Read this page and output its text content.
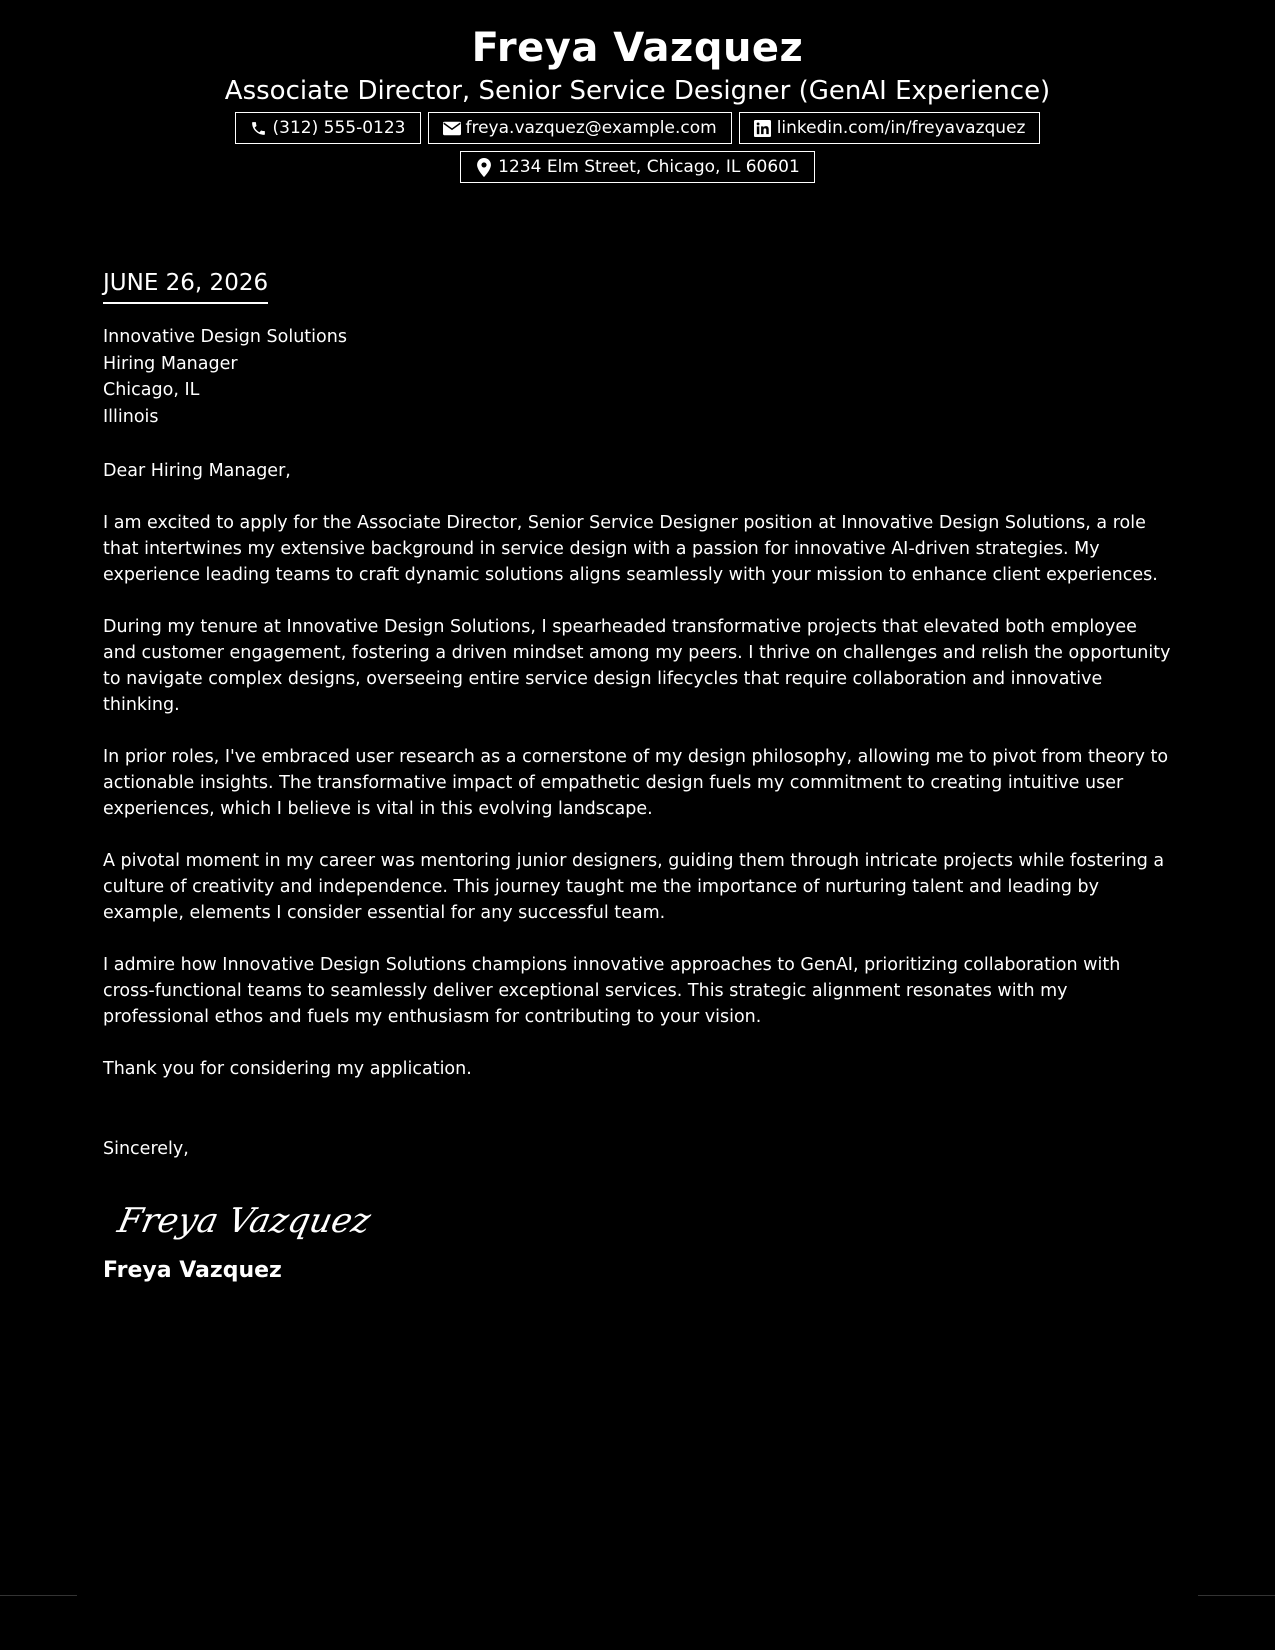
Freya Vazquez
Associate Director, Senior Service Designer (GenAI Experience)
(312) 555-0123	freya.vazquez@example.com	linkedin.com/in/freyavazquez
1234 Elm Street, Chicago, IL 60601
JUNE 26, 2026
Innovative Design Solutions
Hiring Manager
Chicago, IL
Illinois
Dear Hiring Manager,
I am excited to apply for the Associate Director, Senior Service Designer position at Innovative Design Solutions, a role that intertwines my extensive background in service design with a passion for innovative AI-driven strategies. My experience leading teams to craft dynamic solutions aligns seamlessly with your mission to enhance client experiences.
During my tenure at Innovative Design Solutions, I spearheaded transformative projects that elevated both employee and customer engagement, fostering a driven mindset among my peers. I thrive on challenges and relish the opportunity to navigate complex designs, overseeing entire service design lifecycles that require collaboration and innovative thinking.
In prior roles, I've embraced user research as a cornerstone of my design philosophy, allowing me to pivot from theory to actionable insights. The transformative impact of empathetic design fuels my commitment to creating intuitive user experiences, which I believe is vital in this evolving landscape.
A pivotal moment in my career was mentoring junior designers, guiding them through intricate projects while fostering a culture of creativity and independence. This journey taught me the importance of nurturing talent and leading by example, elements I consider essential for any successful team.
I admire how Innovative Design Solutions champions innovative approaches to GenAI, prioritizing collaboration with cross-functional teams to seamlessly deliver exceptional services. This strategic alignment resonates with my professional ethos and fuels my enthusiasm for contributing to your vision.
Thank you for considering my application.
Sincerely,
Freya Vazquez
Freya Vazquez
